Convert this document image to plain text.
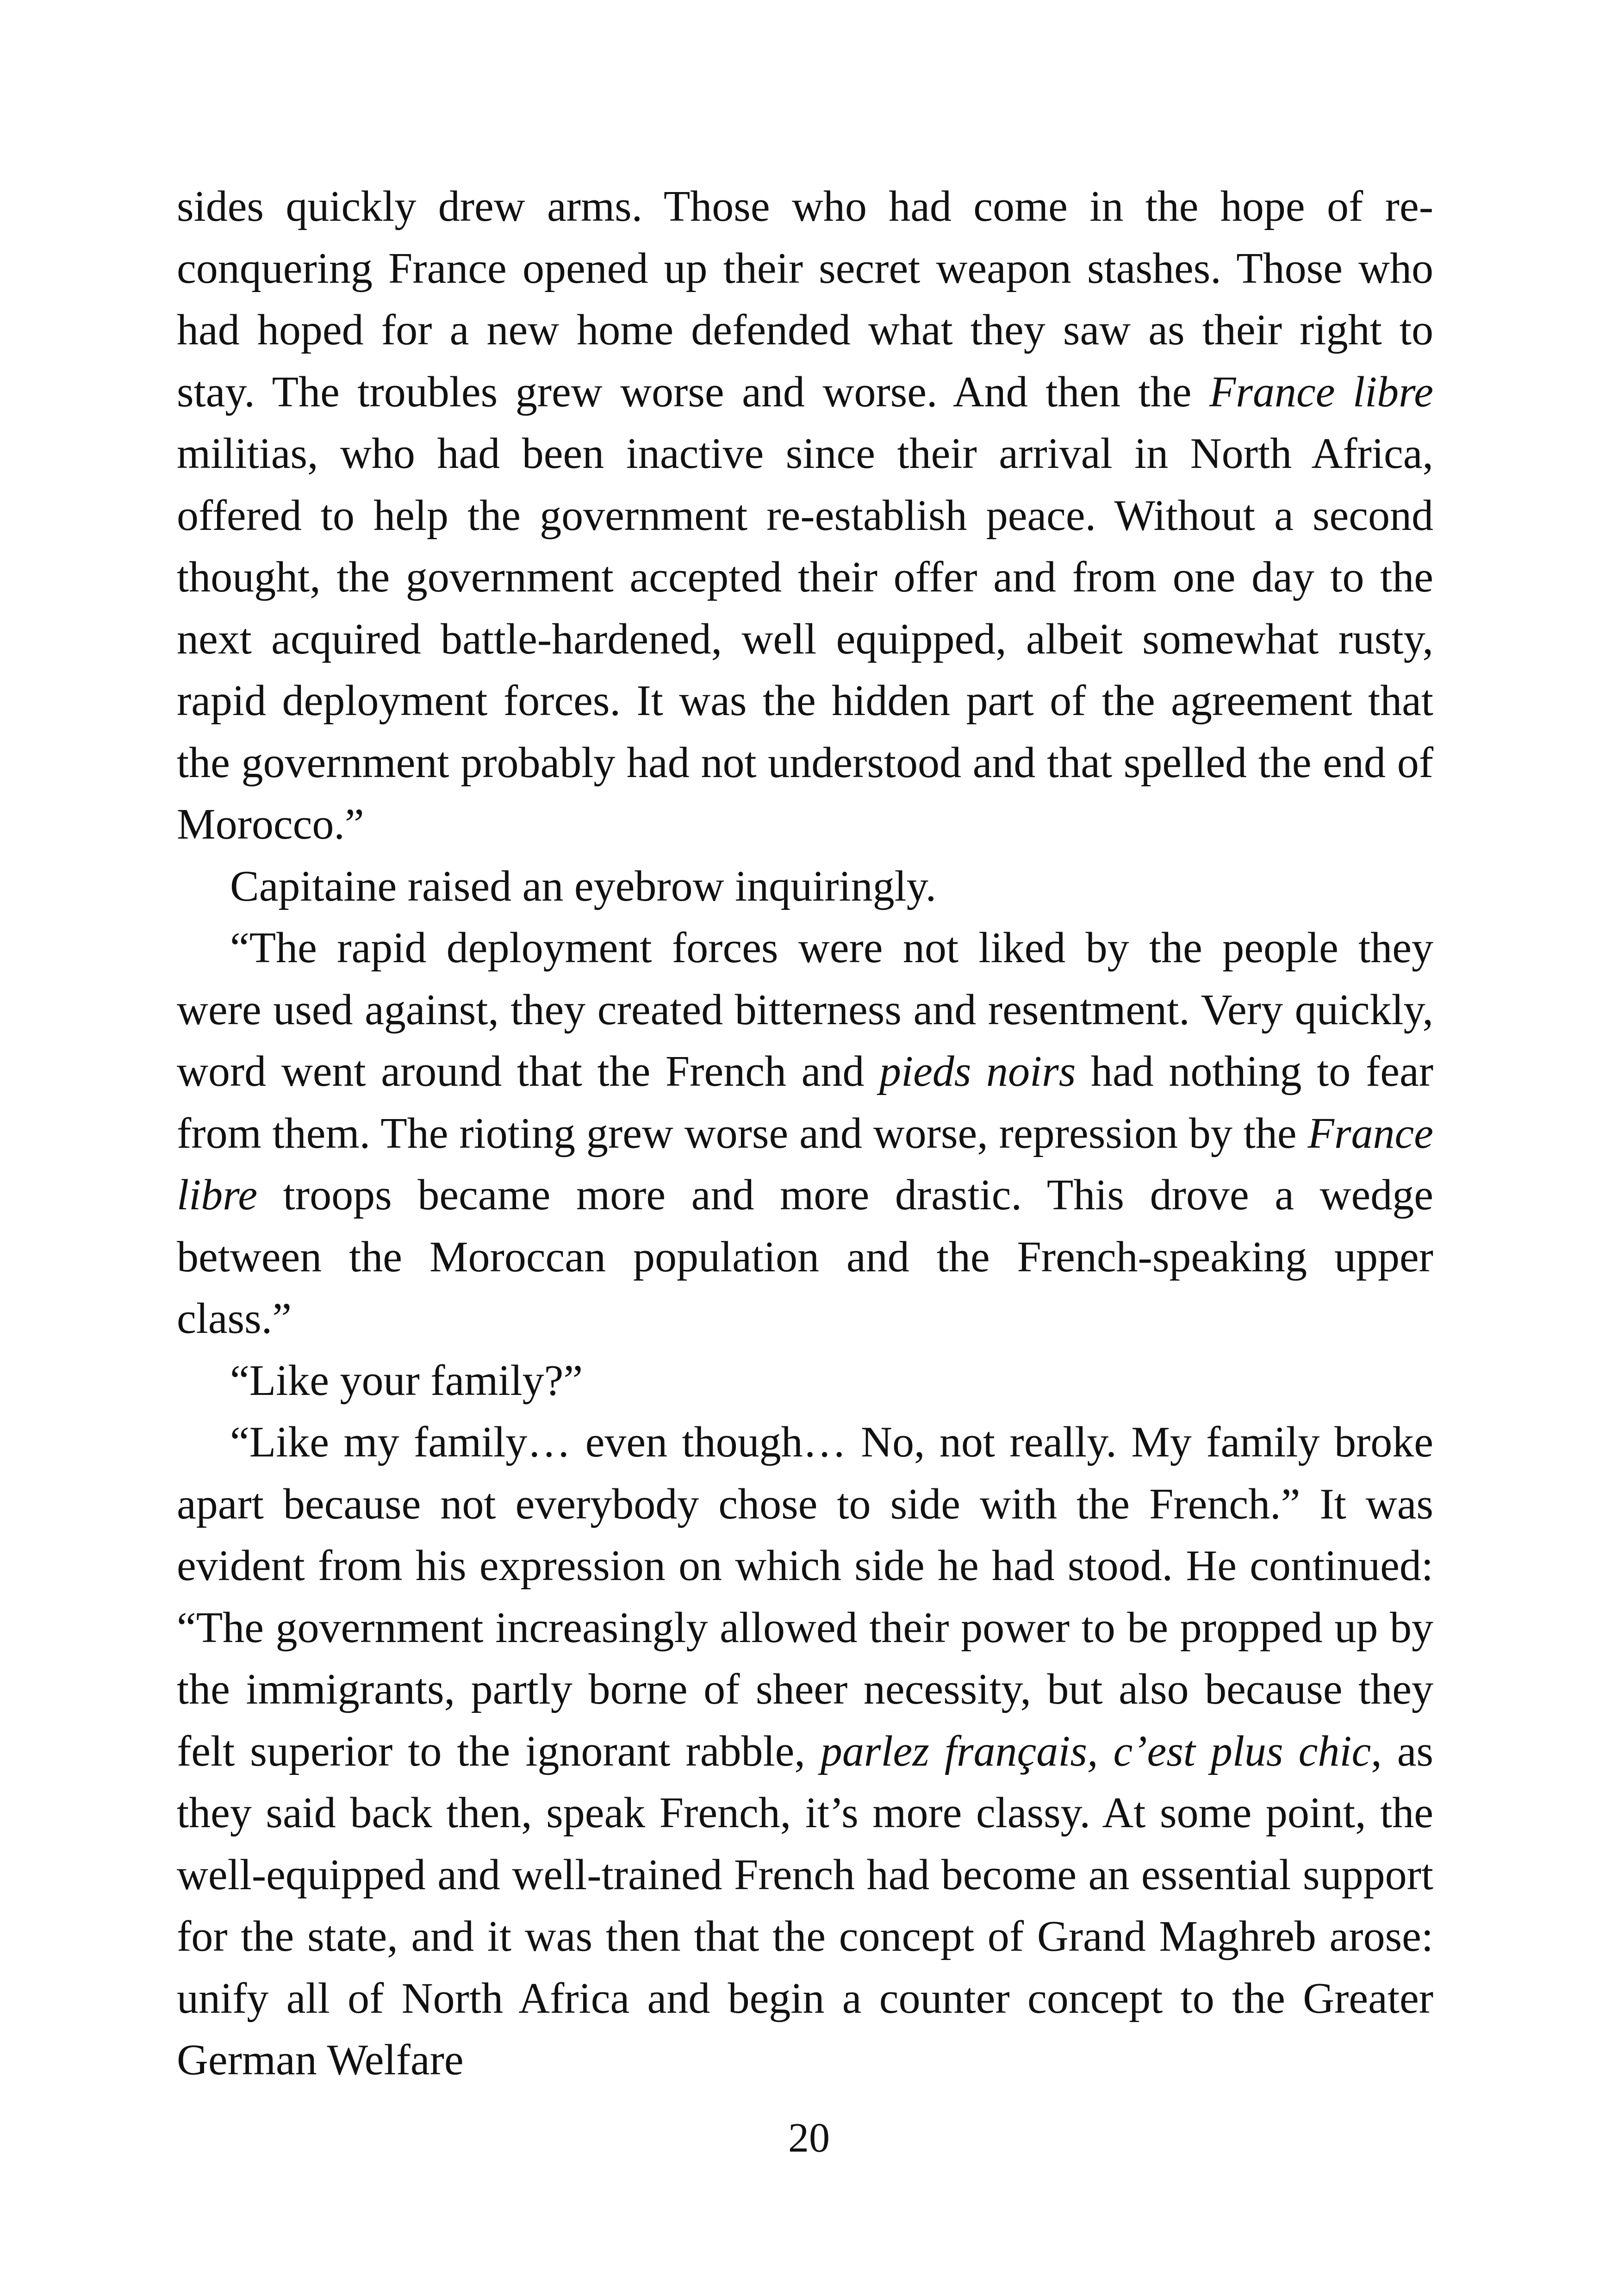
sides quickly drew arms. Those who had come in the hope of reconquering France opened up their secret weapon stashes. Those who had hoped for a new home defended what they saw as their right to stay. The troubles grew worse and worse. And then the France libre militias, who had been inactive since their arrival in North Africa, offered to help the government re-establish peace. Without a second thought, the government accepted their offer and from one day to the next acquired battle-hardened, well equipped, albeit somewhat rusty, rapid deployment forces. It was the hidden part of the agreement that the government probably had not understood and that spelled the end of Morocco.”

Capitaine raised an eyebrow inquiringly.

“The rapid deployment forces were not liked by the people they were used against, they created bitterness and resentment. Very quickly, word went around that the French and pieds noirs had nothing to fear from them. The rioting grew worse and worse, repression by the France libre troops became more and more drastic. This drove a wedge between the Moroccan population and the French-speaking upper class.”

“Like your family?”

“Like my family… even though… No, not really. My family broke apart because not everybody chose to side with the French.” It was evident from his expression on which side he had stood. He continued: “The government increasingly allowed their power to be propped up by the immigrants, partly borne of sheer necessity, but also because they felt superior to the ignorant rabble, parlez français, c’est plus chic, as they said back then, speak French, it’s more classy. At some point, the well-equipped and well-trained French had become an essential support for the state, and it was then that the concept of Grand Maghreb arose: unify all of North Africa and begin a counter concept to the Greater German Welfare

20
